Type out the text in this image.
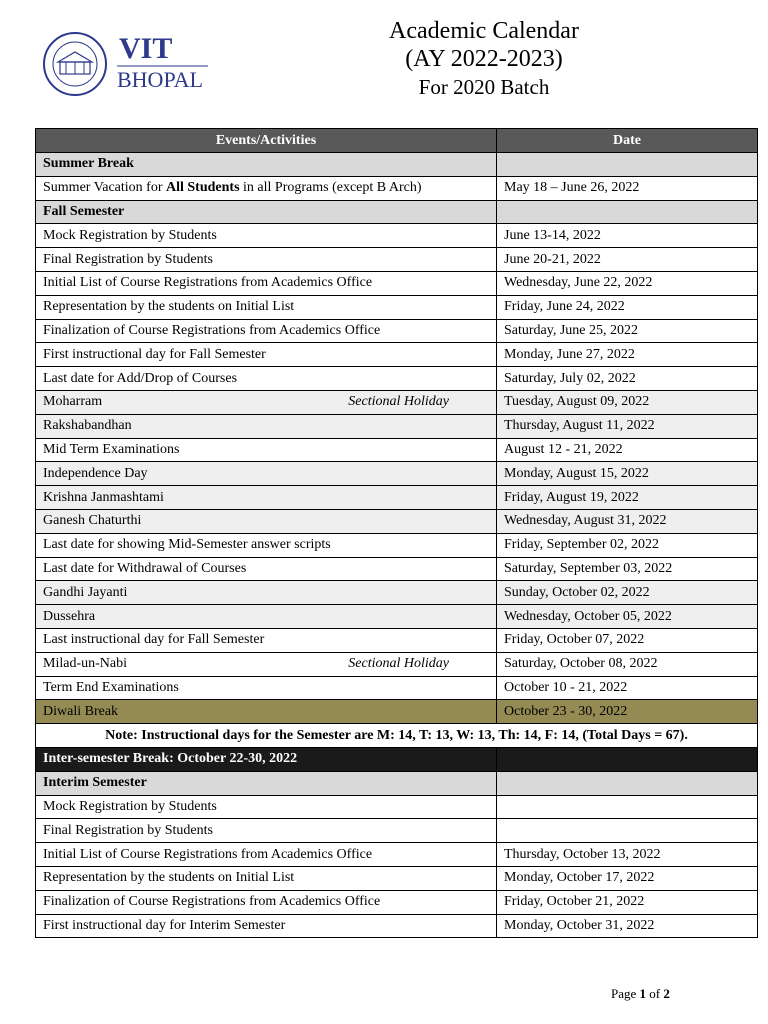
VIT
BHOPAL
Academic Calendar
(AY 2022-2023)
For 2020 Batch
Events/Activities	Date
Summer Break	
Summer Vacation for All Students in all Programs (except B Arch)	May 18 – June 26, 2022
Fall Semester	
Mock Registration by Students	June 13-14, 2022
Final Registration by Students	June 20-21, 2022
Initial List of Course Registrations from Academics Office	Wednesday, June 22, 2022
Representation by the students on Initial List	Friday, June 24, 2022
Finalization of Course Registrations from Academics Office	Saturday, June 25, 2022
First instructional day for Fall Semester	Monday, June 27, 2022
Last date for Add/Drop of Courses	Saturday, July 02, 2022

Moharram Sectional Holiday	Tuesday, August 09, 2022
Rakshabandhan	Thursday, August 11, 2022
Mid Term Examinations	August 12 - 21, 2022
Independence Day	Monday, August 15, 2022
Krishna Janmashtami	Friday, August 19, 2022
Ganesh Chaturthi	Wednesday, August 31, 2022
Last date for showing Mid-Semester answer scripts	Friday, September 02, 2022
Last date for Withdrawal of Courses	Saturday, September 03, 2022
Gandhi Jayanti	Sunday, October 02, 2022
Dussehra	Wednesday, October 05, 2022
Last instructional day for Fall Semester	Friday, October 07, 2022

Milad-un-Nabi Sectional Holiday	Saturday, October 08, 2022
Term End Examinations	October 10 - 21, 2022
Diwali Break	October 23 - 30, 2022
Note: Instructional days for the Semester are M: 14, T: 13, W: 13, Th: 14, F: 14, (Total Days = 67).	
Inter-semester Break: October 22-30, 2022	
Interim Semester	
Mock Registration by Students	
Final Registration by Students	
Initial List of Course Registrations from Academics Office	Thursday, October 13, 2022
Representation by the students on Initial List	Monday, October 17, 2022
Finalization of Course Registrations from Academics Office	Friday, October 21, 2022
First instructional day for Interim Semester	Monday, October 31, 2022
Page 1 of 2
